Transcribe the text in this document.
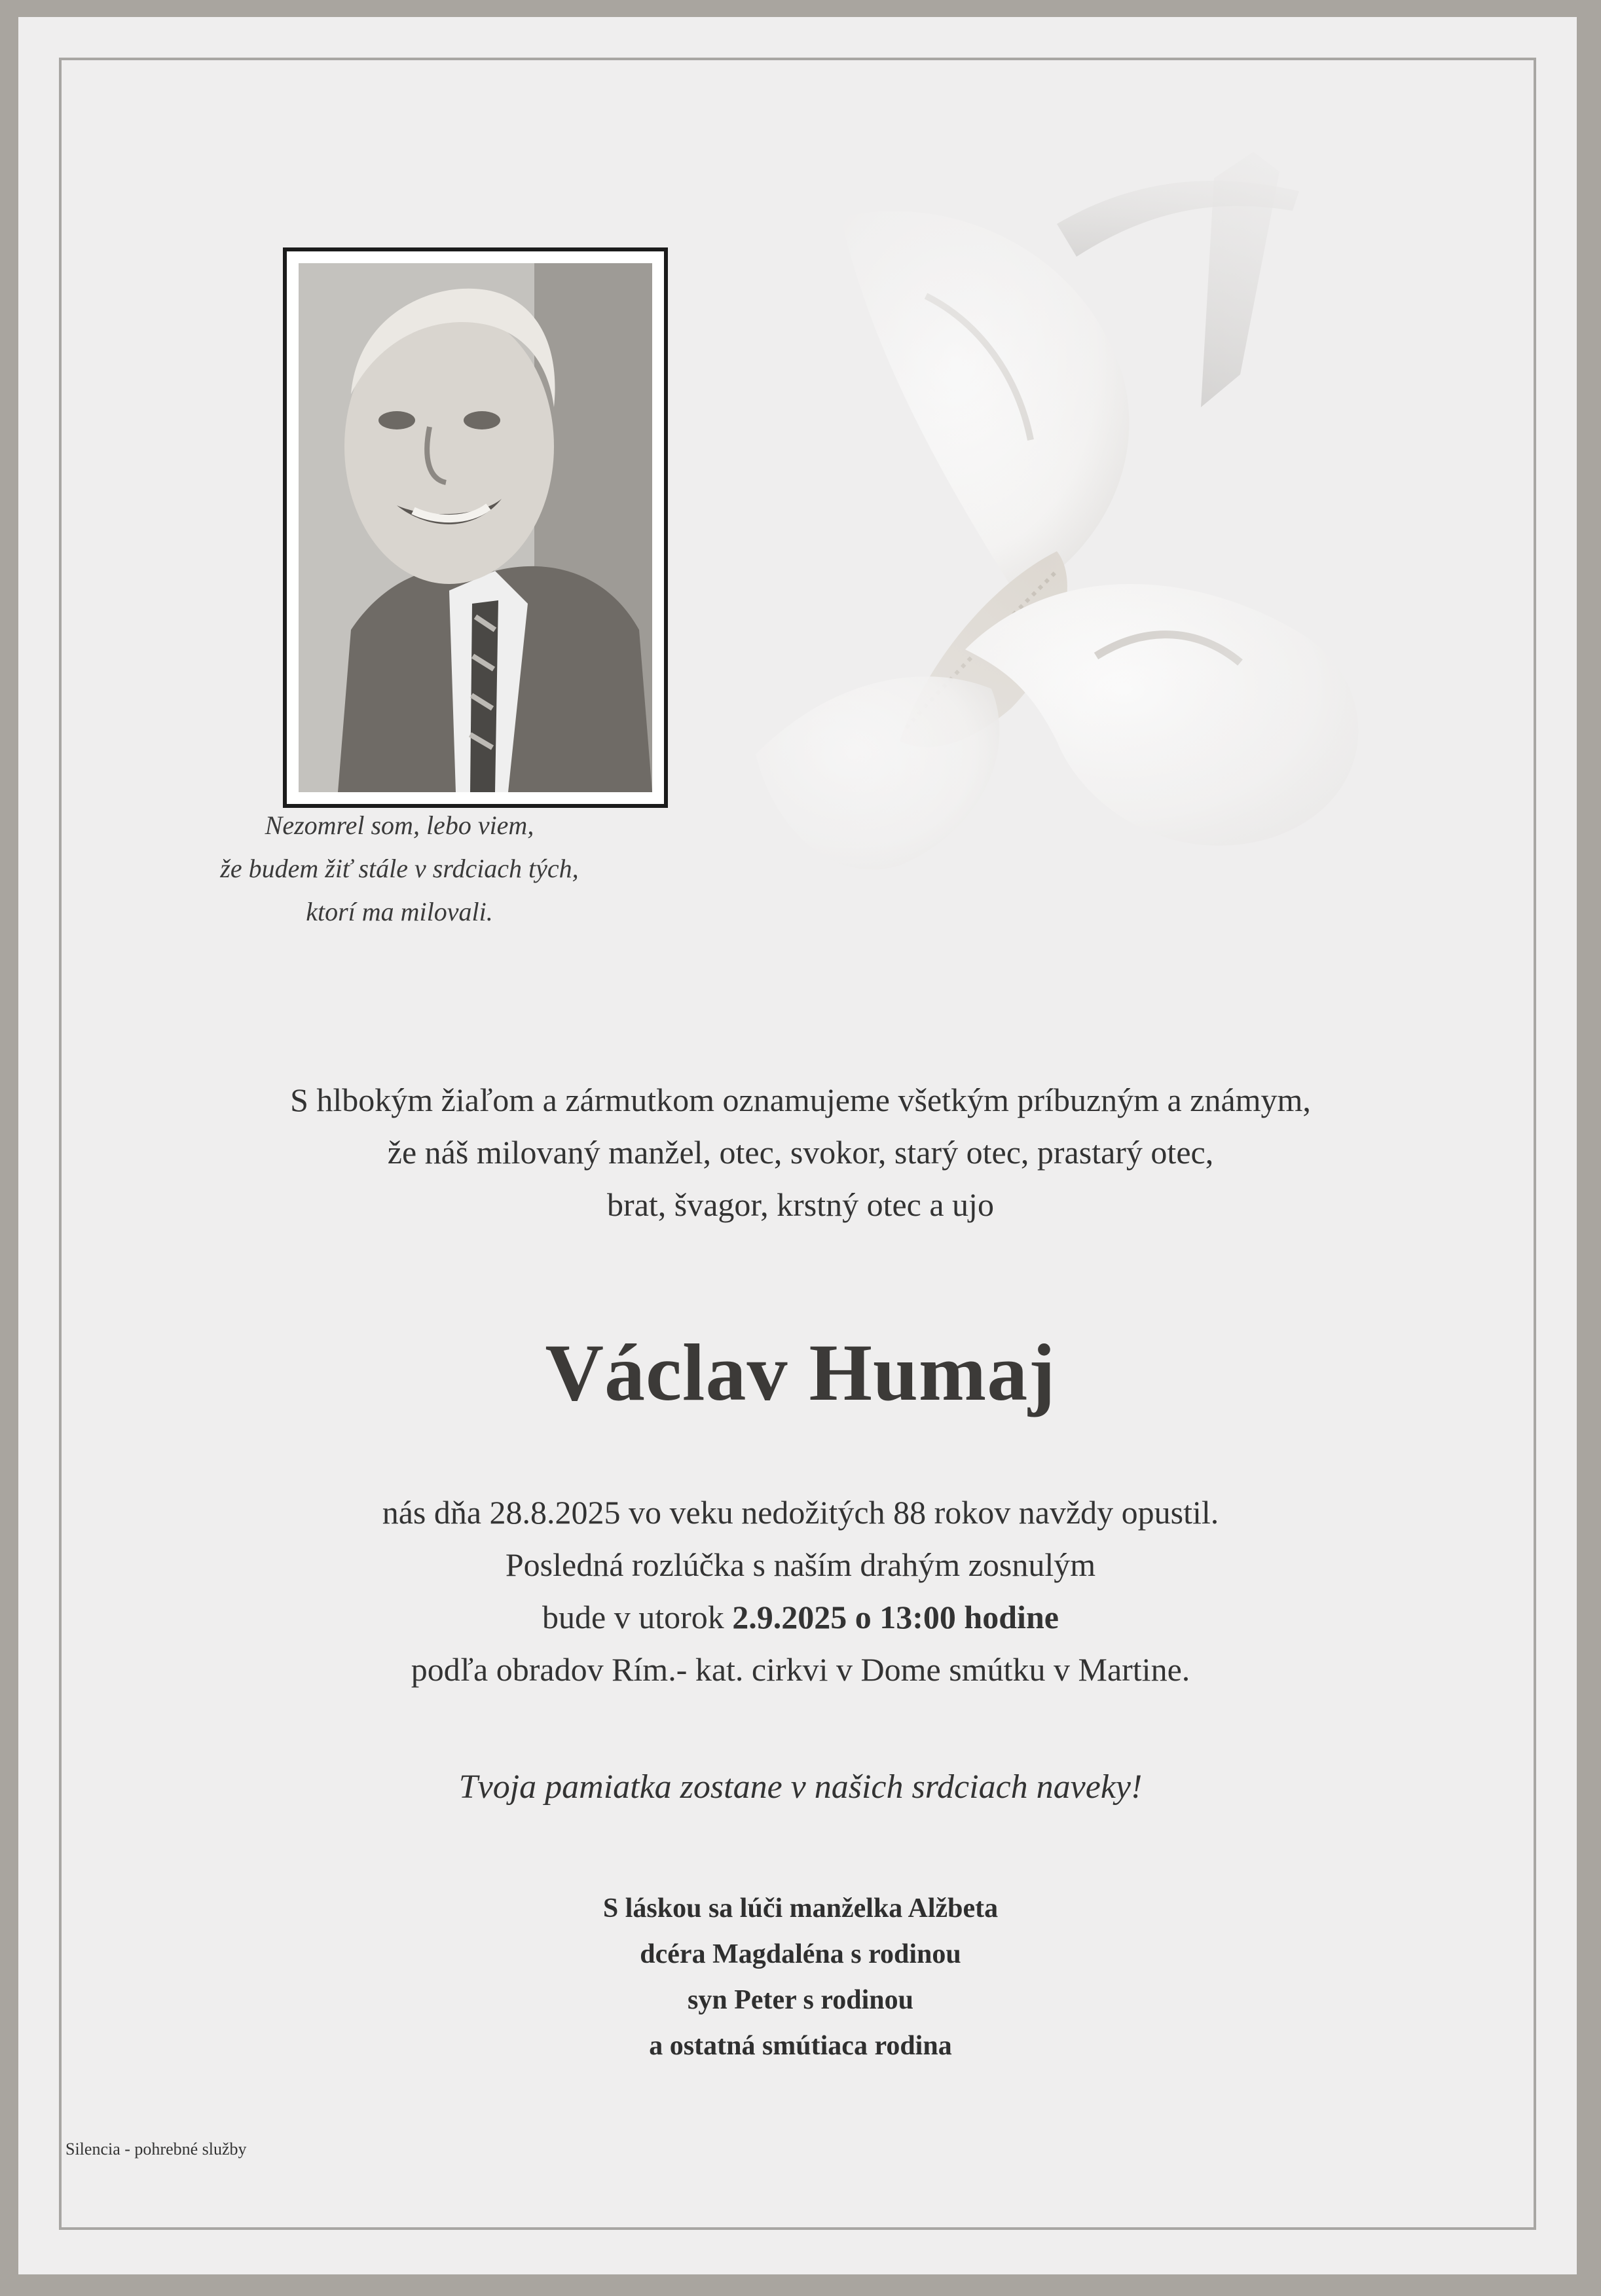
Nezomrel som, lebo viem,
že budem žiť stále v srdciach tých,
ktorí ma milovali.
S hlbokým žiaľom a zármutkom oznamujeme všetkým príbuzným a známym,
že náš milovaný manžel, otec, svokor, starý otec, prastarý otec,
brat, švagor, krstný otec a ujo
Václav Humaj
nás dňa 28.8.2025 vo veku nedožitých 88 rokov navždy opustil.
Posledná rozlúčka s naším drahým zosnulým
bude v utorok 2.9.2025 o 13:00 hodine
podľa obradov Rím.- kat. cirkvi v Dome smútku v Martine.
Tvoja pamiatka zostane v našich srdciach naveky!
S láskou sa lúči manželka Alžbeta
dcéra Magdaléna s rodinou
syn Peter s rodinou
a ostatná smútiaca rodina
Silencia - pohrebné služby
